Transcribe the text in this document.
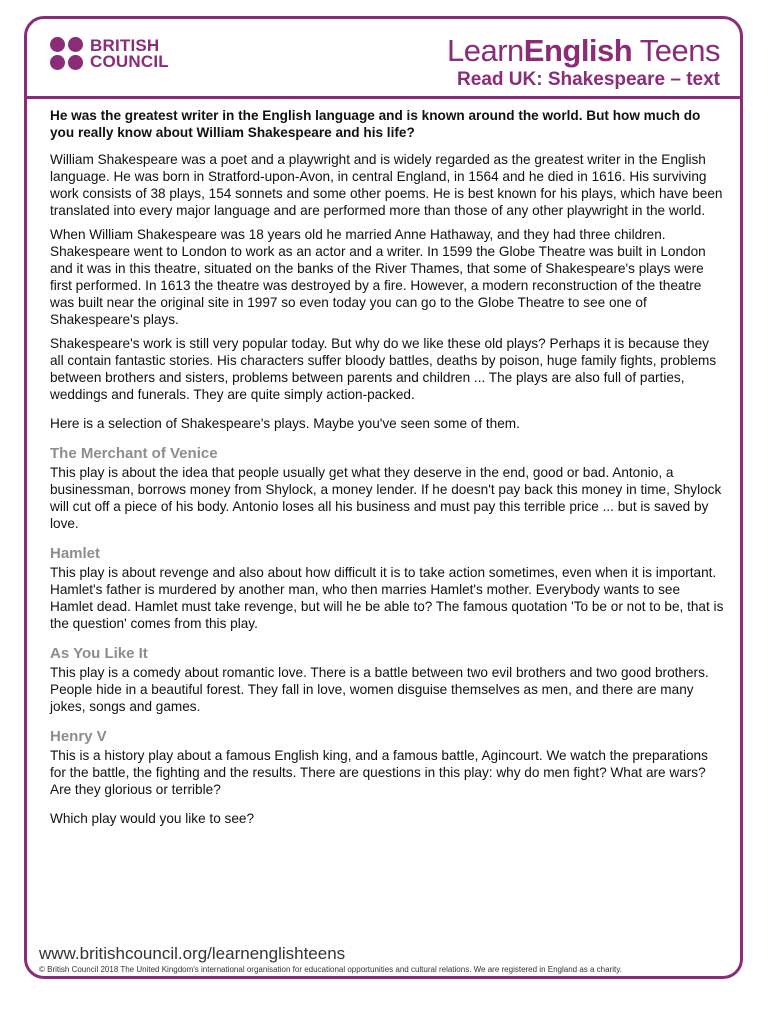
BRITISH
COUNCIL	LearnEnglish Teens
Read UK: Shakespeare – text

He was the greatest writer in the English language and is known around the world. But how much do you really know about William Shakespeare and his life?

William Shakespeare was a poet and a playwright and is widely regarded as the greatest writer in the English language. He was born in Stratford-upon-Avon, in central England, in 1564 and he died in 1616. His surviving work consists of 38 plays, 154 sonnets and some other poems. He is best known for his plays, which have been translated into every major language and are performed more than those of any other playwright in the world.

When William Shakespeare was 18 years old he married Anne Hathaway, and they had three children. Shakespeare went to London to work as an actor and a writer. In 1599 the Globe Theatre was built in London and it was in this theatre, situated on the banks of the River Thames, that some of Shakespeare's plays were first performed. In 1613 the theatre was destroyed by a fire. However, a modern reconstruction of the theatre was built near the original site in 1997 so even today you can go to the Globe Theatre to see one of Shakespeare's plays.

Shakespeare's work is still very popular today. But why do we like these old plays? Perhaps it is because they all contain fantastic stories. His characters suffer bloody battles, deaths by poison, huge family fights, problems between brothers and sisters, problems between parents and children ... The plays are also full of parties, weddings and funerals. They are quite simply action-packed.

Here is a selection of Shakespeare's plays. Maybe you've seen some of them.

The Merchant of Venice

This play is about the idea that people usually get what they deserve in the end, good or bad. Antonio, a businessman, borrows money from Shylock, a money lender. If he doesn't pay back this money in time, Shylock will cut off a piece of his body. Antonio loses all his business and must pay this terrible price ... but is saved by love.

Hamlet

This play is about revenge and also about how difficult it is to take action sometimes, even when it is important. Hamlet's father is murdered by another man, who then marries Hamlet's mother. Everybody wants to see Hamlet dead. Hamlet must take revenge, but will he be able to? The famous quotation 'To be or not to be, that is the question' comes from this play.

As You Like It

This play is a comedy about romantic love. There is a battle between two evil brothers and two good brothers. People hide in a beautiful forest. They fall in love, women disguise themselves as men, and there are many jokes, songs and games.

Henry V

This is a history play about a famous English king, and a famous battle, Agincourt. We watch the preparations for the battle, the fighting and the results. There are questions in this play: why do men fight? What are wars? Are they glorious or terrible?

Which play would you like to see?

www.britishcouncil.org/learnenglishteens
© British Council 2018 The United Kingdom's international organisation for educational opportunities and cultural relations. We are registered in England as a charity.
